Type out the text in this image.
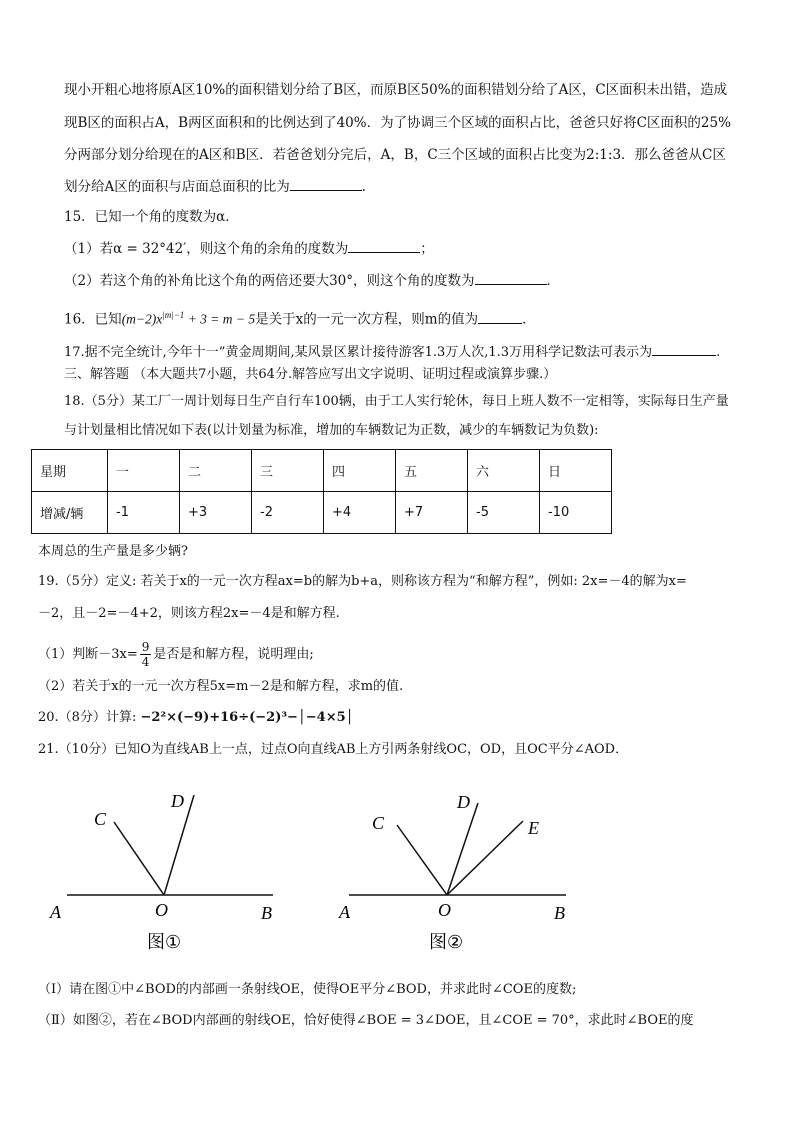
现小开粗心地将原A区10%的面积错划分给了B区，而原B区50%的面积错划分给了A区，C区面积未出错，造成
现B区的面积占A，B两区面积和的比例达到了40%．为了协调三个区域的面积占比，爸爸只好将C区面积的25%
分两部分划分给现在的A区和B区．若爸爸划分完后，A，B，C三个区域的面积占比变为2:1:3．那么爸爸从C区
划分给A区的面积与店面总面积的比为	．
15．已知一个角的度数为α．
（1）若α = 32°42′，则这个角的余角的度数为	；
（2）若这个角的补角比这个角的两倍还要大30°，则这个角的度数为	．
16．已知$(m-2)x^{|m|-1} + 3 = m - 5$是关于x的一元一次方程，则m的值为	．
17.据不完全统计,今年十一”黄金周期间,某风景区累计接待游客1.3万人次,1.3万用科学记数法可表示为	.
三、解答题 （本大题共7小题，共64分.解答应写出文字说明、证明过程或演算步骤.）
18.（5分）某工厂一周计划每日生产自行车100辆，由于工人实行轮休，每日上班人数不一定相等，实际每日生产量
与计划量相比情况如下表(以计划量为标准，增加的车辆数记为正数，减少的车辆数记为负数):
星期	一	二	三	四	五	六	日
增减/辆	-1	+3	-2	+4	+7	-5	-10
本周总的生产量是多少辆?
19.（5分）定义: 若关于x的一元一次方程ax=b的解为b+a，则称该方程为“和解方程”，例如: 2x=－4的解为x=
－2，且－2=－4+2，则该方程2x=－4是和解方程.
（1）判断$-3x= \frac{9}{4}$ 是否是和解方程，说明理由;
（2）若关于x的一元一次方程5x=m－2是和解方程，求m的值.
20.（8分）计算: −2²×(−9)+16÷(−2)³−│−4×5│
21.（10分）已知O为直线AB上一点，过点O向直线AB上方引两条射线OC，OD，且OC平分∠AOD．
A	O	B
C
D
图①
A	O	B
C
D
E
图②
（Ⅰ）请在图①中∠BOD的内部画一条射线OE，使得OE平分∠BOD，并求此时∠COE的度数;
（Ⅱ）如图②，若在∠BOD内部画的射线OE，恰好使得∠BOE = 3∠DOE，且∠COE = 70°，求此时∠BOE的度
